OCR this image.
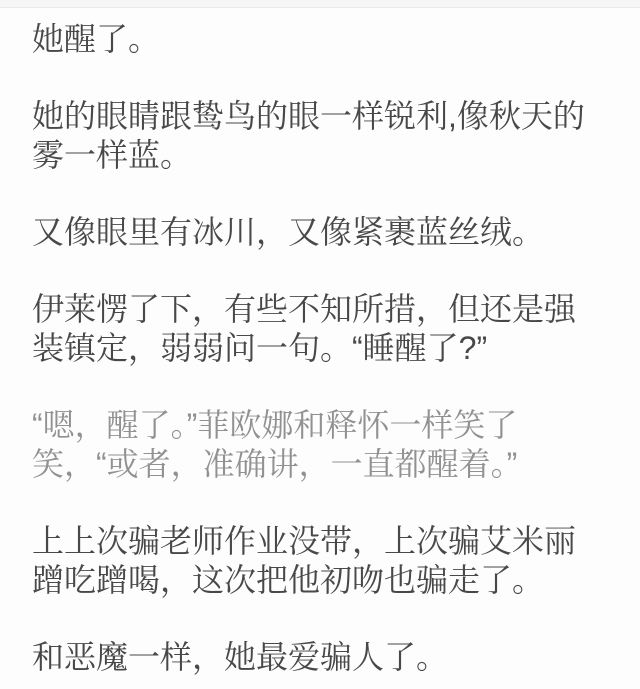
她醒了。

她的眼睛跟鸷鸟的眼一样锐利,像秋天的
雾一样蓝。

又像眼里有冰川，又像紧裹蓝丝绒。

伊莱愣了下，有些不知所措，但还是强
装镇定，弱弱问一句。“睡醒了?”

“嗯，醒了。”菲欧娜和释怀一样笑了
笑，“或者，准确讲，一直都醒着。”

上上次骗老师作业没带，上次骗艾米丽
蹭吃蹭喝，这次把他初吻也骗走了。

和恶魔一样，她最爱骗人了。
